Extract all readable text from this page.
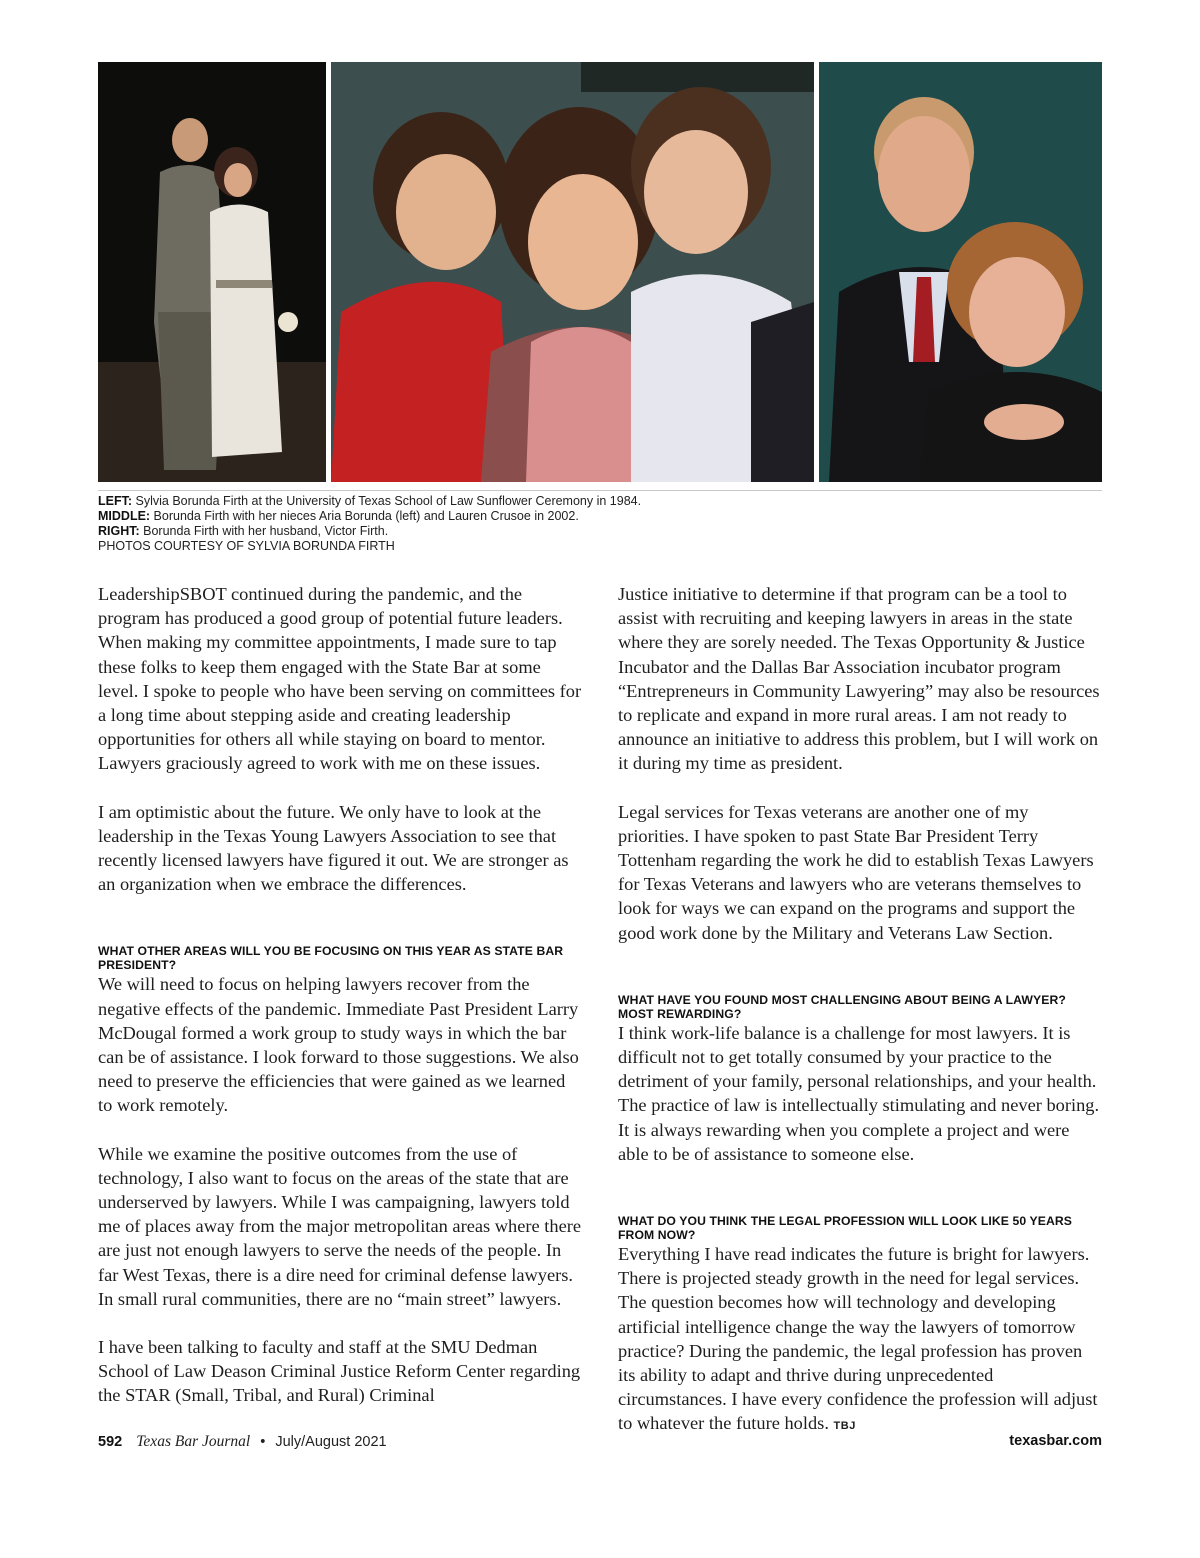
LEFT: Sylvia Borunda Firth at the University of Texas School of Law Sunflower Ceremony in 1984.
MIDDLE: Borunda Firth with her nieces Aria Borunda (left) and Lauren Crusoe in 2002.
RIGHT: Borunda Firth with her husband, Victor Firth.
PHOTOS COURTESY OF SYLVIA BORUNDA FIRTH

LeadershipSBOT continued during the pandemic, and the program has produced a good group of potential future leaders. When making my committee appointments, I made sure to tap these folks to keep them engaged with the State Bar at some level. I spoke to people who have been serving on committees for a long time about stepping aside and creating leadership opportunities for others all while staying on board to mentor. Lawyers graciously agreed to work with me on these issues.

I am optimistic about the future. We only have to look at the leadership in the Texas Young Lawyers Association to see that recently licensed lawyers have figured it out. We are stronger as an organization when we embrace the differences.

WHAT OTHER AREAS WILL YOU BE FOCUSING ON THIS YEAR AS STATE BAR PRESIDENT?

We will need to focus on helping lawyers recover from the negative effects of the pandemic. Immediate Past President Larry McDougal formed a work group to study ways in which the bar can be of assistance. I look forward to those suggestions. We also need to preserve the efficiencies that were gained as we learned to work remotely.

While we examine the positive outcomes from the use of technology, I also want to focus on the areas of the state that are underserved by lawyers. While I was campaigning, lawyers told me of places away from the major metropolitan areas where there are just not enough lawyers to serve the needs of the people. In far West Texas, there is a dire need for criminal defense lawyers. In small rural communities, there are no “main street” lawyers.

I have been talking to faculty and staff at the SMU Dedman School of Law Deason Criminal Justice Reform Center regarding the STAR (Small, Tribal, and Rural) Criminal

Justice initiative to determine if that program can be a tool to assist with recruiting and keeping lawyers in areas in the state where they are sorely needed. The Texas Opportunity & Justice Incubator and the Dallas Bar Association incubator program “Entrepreneurs in Community Lawyering” may also be resources to replicate and expand in more rural areas. I am not ready to announce an initiative to address this problem, but I will work on it during my time as president.

Legal services for Texas veterans are another one of my priorities. I have spoken to past State Bar President Terry Tottenham regarding the work he did to establish Texas Lawyers for Texas Veterans and lawyers who are veterans themselves to look for ways we can expand on the programs and support the good work done by the Military and Veterans Law Section.

WHAT HAVE YOU FOUND MOST CHALLENGING ABOUT BEING A LAWYER? MOST REWARDING?

I think work-life balance is a challenge for most lawyers. It is difficult not to get totally consumed by your practice to the detriment of your family, personal relationships, and your health. The practice of law is intellectually stimulating and never boring. It is always rewarding when you complete a project and were able to be of assistance to someone else.

WHAT DO YOU THINK THE LEGAL PROFESSION WILL LOOK LIKE 50 YEARS FROM NOW?

Everything I have read indicates the future is bright for lawyers. There is projected steady growth in the need for legal services. The question becomes how will technology and developing artificial intelligence change the way the lawyers of tomorrow practice? During the pandemic, the legal profession has proven its ability to adapt and thrive during unprecedented circumstances. I have every confidence the profession will adjust to whatever the future holds. TBJ

592 Texas Bar Journal • July/August 2021	texasbar.com
